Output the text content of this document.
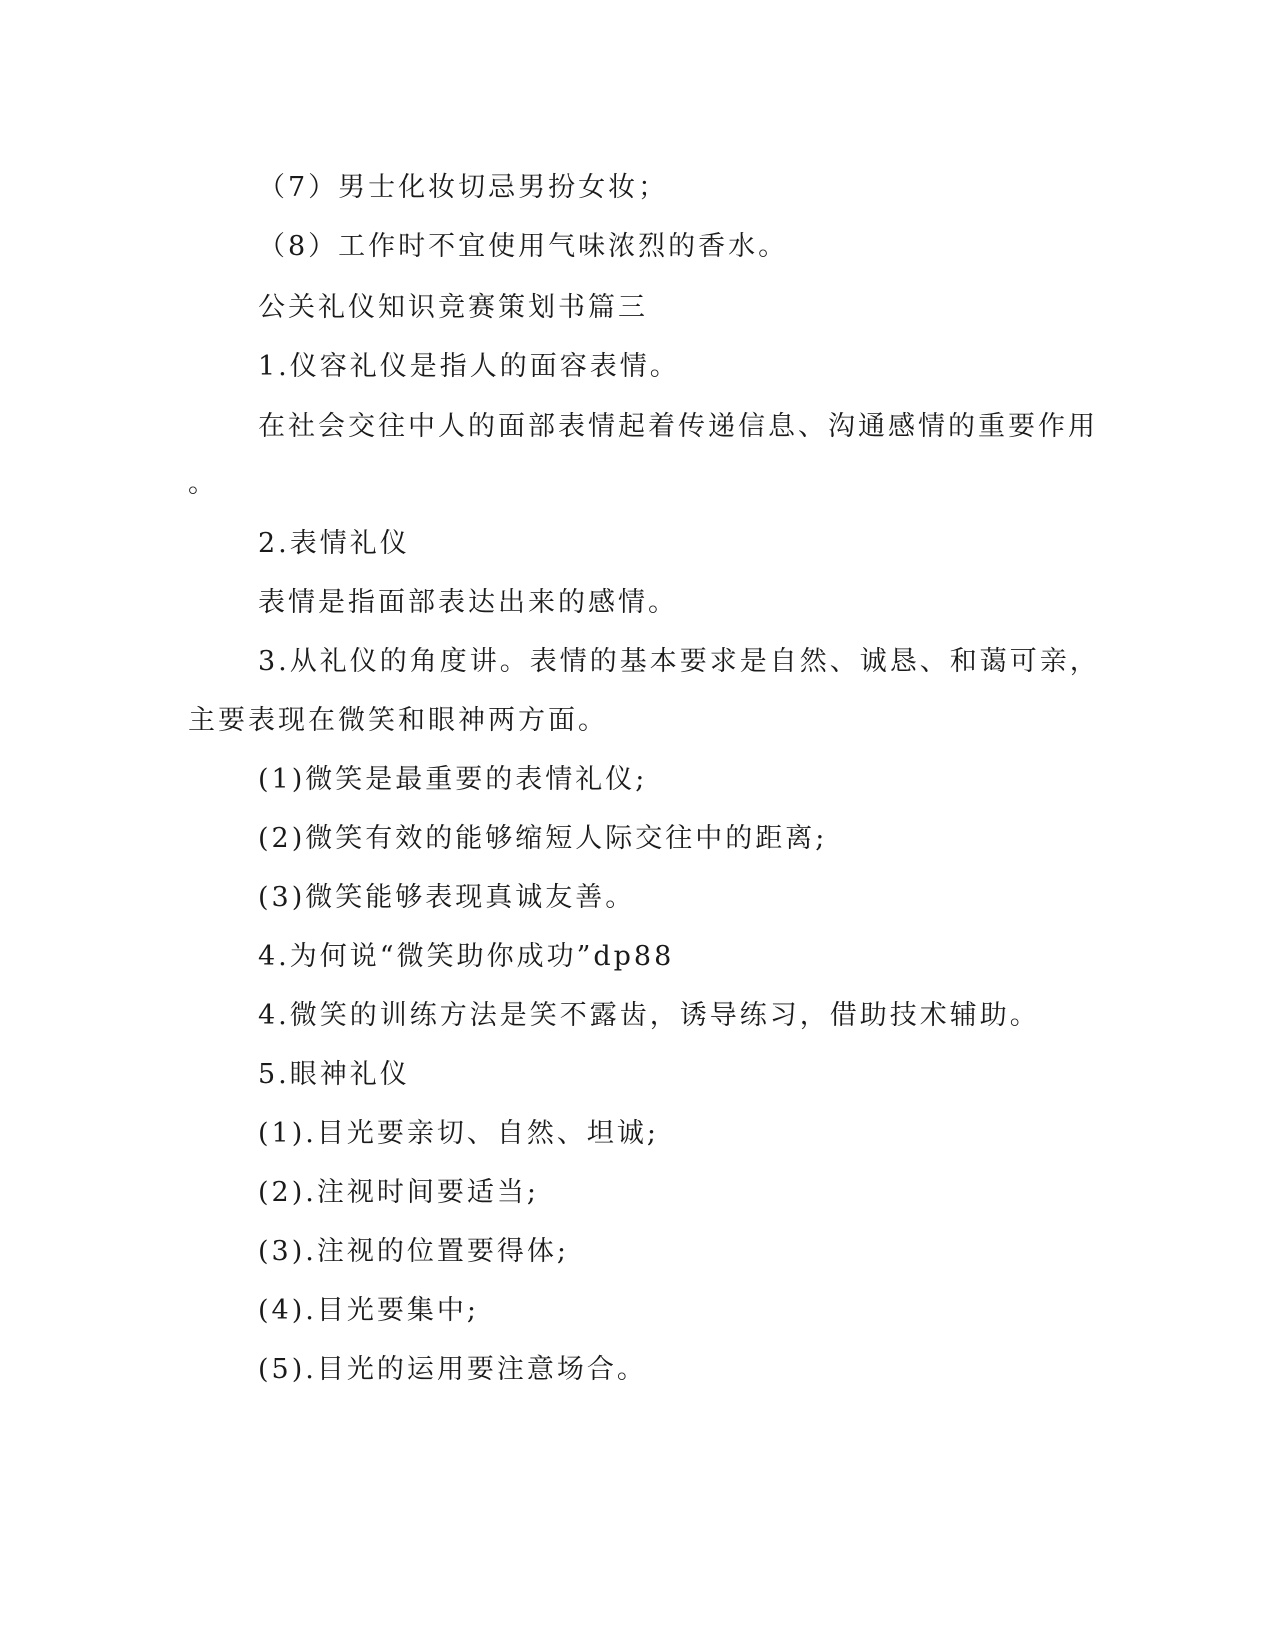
（7）男士化妆切忌男扮女妆；
（8）工作时不宜使用气味浓烈的香水。
公关礼仪知识竞赛策划书篇三
1.仪容礼仪是指人的面容表情。
在社会交往中人的面部表情起着传递信息、沟通感情的重要作用
。
2.表情礼仪
表情是指面部表达出来的感情。
3.从礼仪的角度讲。表情的基本要求是自然、诚恳、和蔼可亲，
主要表现在微笑和眼神两方面。
(1)微笑是最重要的表情礼仪;
(2)微笑有效的能够缩短人际交往中的距离;
(3)微笑能够表现真诚友善。
4.为何说“微笑助你成功”dp88
4.微笑的训练方法是笑不露齿，诱导练习，借助技术辅助。
5.眼神礼仪
(1).目光要亲切、自然、坦诚;
(2).注视时间要适当;
(3).注视的位置要得体;
(4).目光要集中;
(5).目光的运用要注意场合。
